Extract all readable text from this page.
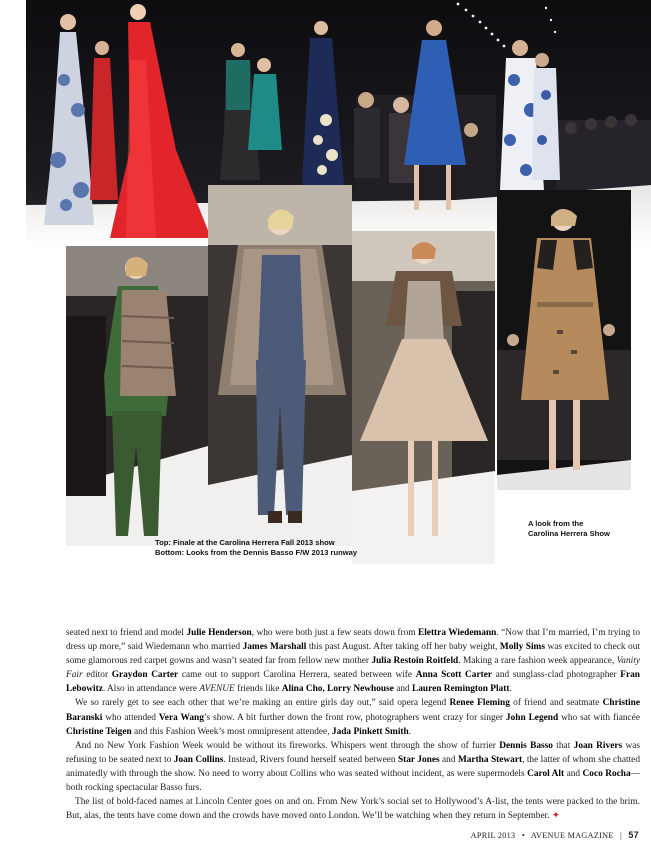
Top: Finale at the Carolina Herrera Fall 2013 show
Bottom: Looks from the Dennis Basso F/W 2013 runway
A look from the
Carolina Herrera Show

seated next to friend and model Julie Henderson, who were both just a few seats down from Elettra Wiedemann. “Now that I’m married, I’m trying to dress up more,” said Wiedemann who married James Marshall this past August. After taking off her baby weight, Molly Sims was excited to check out some glamorous red carpet gowns and wasn’t seated far from fellow new mother Julia Restoin Roitfeld. Making a rare fashion week appearance, Vanity Fair editor Graydon Carter came out to support Carolina Herrera, seated between wife Anna Scott Carter and sunglass-clad photographer Fran Lebowitz. Also in attendance were AVENUE friends like Alina Cho, Lorry Newhouse and Lauren Remington Platt.

We so rarely get to see each other that we’re making an entire girls day out,” said opera legend Renee Fleming of friend and seatmate Christine Baranski who attended Vera Wang’s show. A bit further down the front row, photographers went crazy for singer John Legend who sat with fiancée Christine Teigen and this Fashion Week’s most omnipresent attendee, Jada Pinkett Smith.

And no New York Fashion Week would be without its fireworks. Whispers went through the show of furrier Dennis Basso that Joan Rivers was refusing to be seated next to Joan Collins. Instead, Rivers found herself seated between Star Jones and Martha Stewart, the latter of whom she chatted animatedly with through the show. No need to worry about Collins who was seated without incident, as were supermodels Carol Alt and Coco Rocha—both rocking spectacular Basso furs.

The list of bold-faced names at Lincoln Center goes on and on. From New York’s social set to Hollywood’s A-list, the tents were packed to the brim. But, alas, the tents have come down and the crowds have moved onto London. We’ll be watching when they return in September. ✦

APRIL 2013 • AVENUE MAGAZINE | 57
